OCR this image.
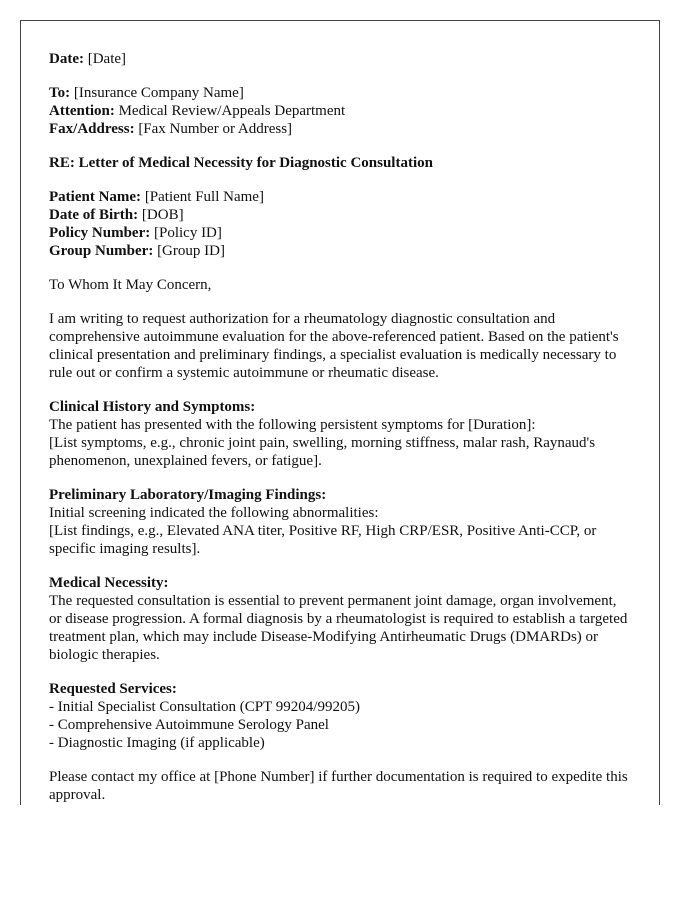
Date: [Date]

To: [Insurance Company Name]
Attention: Medical Review/Appeals Department
Fax/Address: [Fax Number or Address]

RE: Letter of Medical Necessity for Diagnostic Consultation

Patient Name: [Patient Full Name]
Date of Birth: [DOB]
Policy Number: [Policy ID]
Group Number: [Group ID]

To Whom It May Concern,

I am writing to request authorization for a rheumatology diagnostic consultation and comprehensive autoimmune evaluation for the above-referenced patient. Based on the patient's clinical presentation and preliminary findings, a specialist evaluation is medically necessary to rule out or confirm a systemic autoimmune or rheumatic disease.

Clinical History and Symptoms:
The patient has presented with the following persistent symptoms for [Duration]:
[List symptoms, e.g., chronic joint pain, swelling, morning stiffness, malar rash, Raynaud's phenomenon, unexplained fevers, or fatigue].

Preliminary Laboratory/Imaging Findings:
Initial screening indicated the following abnormalities:
[List findings, e.g., Elevated ANA titer, Positive RF, High CRP/ESR, Positive Anti-CCP, or specific imaging results].

Medical Necessity:
The requested consultation is essential to prevent permanent joint damage, organ involvement, or disease progression. A formal diagnosis by a rheumatologist is required to establish a targeted treatment plan, which may include Disease-Modifying Antirheumatic Drugs (DMARDs) or biologic therapies.

Requested Services:
- Initial Specialist Consultation (CPT 99204/99205)
- Comprehensive Autoimmune Serology Panel
- Diagnostic Imaging (if applicable)

Please contact my office at [Phone Number] if further documentation is required to expedite this approval.
